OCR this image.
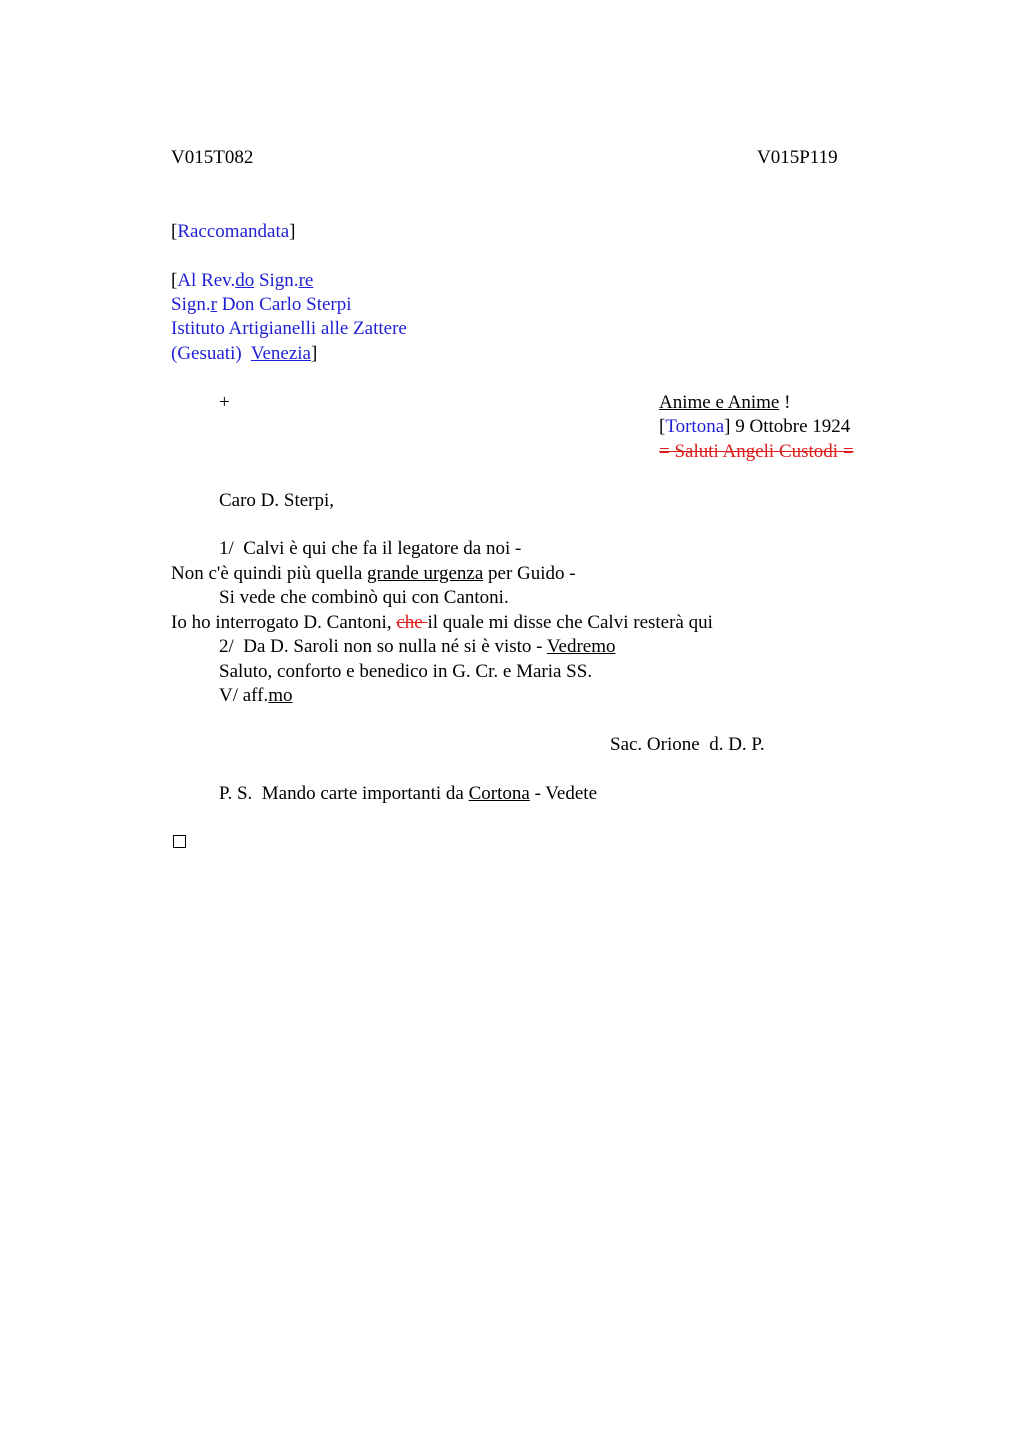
V015T082	V015P119
[Raccomandata]
[Al Rev.do Sign.re
Sign.r Don Carlo Sterpi
Istituto Artigianelli alle Zattere
(Gesuati)  Venezia]
+	Anime e Anime !
[Tortona] 9 Ottobre 1924
= Saluti Angeli Custodi =
Caro D. Sterpi,
1/  Calvi è qui che fa il legatore da noi -
Non c'è quindi più quella grande urgenza per Guido -
Si vede che combinò qui con Cantoni.
Io ho interrogato D. Cantoni, che il quale mi disse che Calvi resterà qui
2/  Da D. Saroli non so nulla né si è visto - Vedremo
Saluto, conforto e benedico in G. Cr. e Maria SS.
V/ aff.mo
Sac. Orione  d. D. P.
P. S.  Mando carte importanti da Cortona - Vedete
